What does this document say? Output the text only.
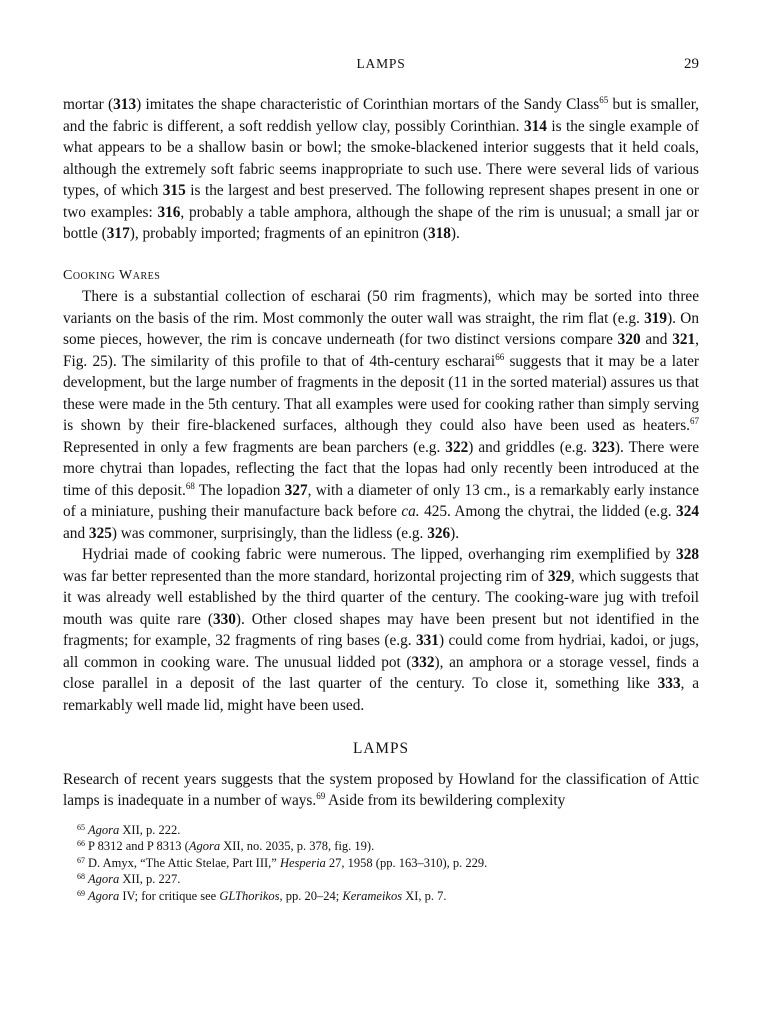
LAMPS	29

mortar (313) imitates the shape characteristic of Corinthian mortars of the Sandy Class$^{65}$ but is smaller, and the fabric is different, a soft reddish yellow clay, possibly Corinthian. 314 is the single example of what appears to be a shallow basin or bowl; the smoke-blackened interior suggests that it held coals, although the extremely soft fabric seems inappropriate to such use. There were several lids of various types, of which 315 is the largest and best preserved. The following represent shapes present in one or two examples: 316, probably a table amphora, although the shape of the rim is unusual; a small jar or bottle (317), probably imported; fragments of an epinitron (318).

Cooking Wares

There is a substantial collection of escharai (50 rim fragments), which may be sorted into three variants on the basis of the rim. Most commonly the outer wall was straight, the rim flat (e.g. 319). On some pieces, however, the rim is concave underneath (for two distinct versions compare 320 and 321, Fig. 25). The similarity of this profile to that of 4th-century escharai$^{66}$ suggests that it may be a later development, but the large number of fragments in the deposit (11 in the sorted material) assures us that these were made in the 5th century. That all examples were used for cooking rather than simply serving is shown by their fire-blackened surfaces, although they could also have been used as heaters.$^{67}$ Represented in only a few fragments are bean parchers (e.g. 322) and griddles (e.g. 323). There were more chytrai than lopades, reflecting the fact that the lopas had only recently been introduced at the time of this deposit.$^{68}$ The lopadion 327, with a diameter of only 13 cm., is a remarkably early instance of a miniature, pushing their manufacture back before ca. 425. Among the chytrai, the lidded (e.g. 324 and 325) was commoner, surprisingly, than the lidless (e.g. 326).

Hydriai made of cooking fabric were numerous. The lipped, overhanging rim exemplified by 328 was far better represented than the more standard, horizontal projecting rim of 329, which suggests that it was already well established by the third quarter of the century. The cooking-ware jug with trefoil mouth was quite rare (330). Other closed shapes may have been present but not identified in the fragments; for example, 32 fragments of ring bases (e.g. 331) could come from hydriai, kadoi, or jugs, all common in cooking ware. The unusual lidded pot (332), an amphora or a storage vessel, finds a close parallel in a deposit of the last quarter of the century. To close it, something like 333, a remarkably well made lid, might have been used.

LAMPS

Research of recent years suggests that the system proposed by Howland for the classification of Attic lamps is inadequate in a number of ways.$^{69}$ Aside from its bewildering complexity

$^{65}$ Agora XII, p. 222.
$^{66}$ P 8312 and P 8313 (Agora XII, no. 2035, p. 378, fig. 19).
$^{67}$ D. Amyx, “The Attic Stelae, Part III,” Hesperia 27, 1958 (pp. 163–310), p. 229.
$^{68}$ Agora XII, p. 227.
$^{69}$ Agora IV; for critique see GLThorikos, pp. 20–24; Kerameikos XI, p. 7.
